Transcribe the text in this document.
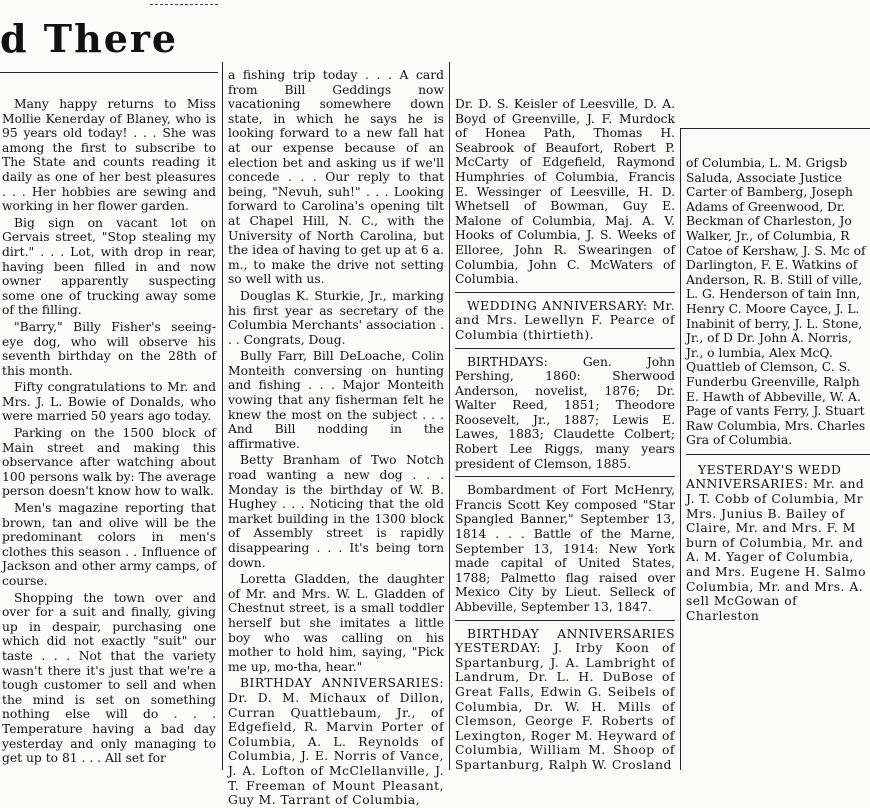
d There

Many happy returns to Miss Mollie Kenerday of Blaney, who is 95 years old today! . . . She was among the first to subscribe to The State and counts reading it daily as one of her best pleasures . . . Her hobbies are sewing and working in her flower garden.

Big sign on vacant lot on Gervais street, "Stop stealing my dirt." . . . Lot, with drop in rear, having been filled in and now owner apparently suspecting some one of trucking away some of the filling.

"Barry," Billy Fisher's seeing-eye dog, who will observe his seventh birthday on the 28th of this month.

Fifty congratulations to Mr. and Mrs. J. L. Bowie of Donalds, who were married 50 years ago today.

Parking on the 1500 block of Main street and making this observance after watching about 100 persons walk by: The average person doesn't know how to walk.

Men's magazine reporting that brown, tan and olive will be the predominant colors in men's clothes this season . . Influence of Jackson and other army camps, of course.

Shopping the town over and over for a suit and finally, giving up in despair, purchasing one which did not exactly "suit" our taste . . . Not that the variety wasn't there it's just that we're a tough customer to sell and when the mind is set on something nothing else will do . . . Temperature having a bad day yesterday and only managing to get up to 81 . . . All set for

a fishing trip today . . . A card from Bill Geddings now vacationing somewhere down state, in which he says he is looking forward to a new fall hat at our expense because of an election bet and asking us if we'll concede . . . Our reply to that being, "Nevuh, suh!" . . . Looking forward to Carolina's opening tilt at Chapel Hill, N. C., with the University of North Carolina, but the idea of having to get up at 6 a. m., to make the drive not setting so well with us.

Douglas K. Sturkie, Jr., marking his first year as secretary of the Columbia Merchants' association . . . Congrats, Doug.

Bully Farr, Bill DeLoache, Colin Monteith conversing on hunting and fishing . . . Major Monteith vowing that any fisherman felt he knew the most on the subject . . . And Bill nodding in the affirmative.

Betty Branham of Two Notch road wanting a new dog . . . Monday is the birthday of W. B. Hughey . . . Noticing that the old market building in the 1300 block of Assembly street is rapidly disappearing . . . It's being torn down.

Loretta Gladden, the daughter of Mr. and Mrs. W. L. Gladden of Chestnut street, is a small toddler herself but she imitates a little boy who was calling on his mother to hold him, saying, "Pick me up, mo-tha, hear."

BIRTHDAY ANNIVERSARIES: Dr. D. M. Michaux of Dillon, Curran Quattlebaum, Jr., of Edgefield, R. Marvin Porter of Columbia, A. L. Reynolds of Columbia, J. E. Norris of Vance, J. A. Lofton of McClellanville, J. T. Freeman of Mount Pleasant, Guy M. Tarrant of Columbia,

Dr. D. S. Keisler of Leesville, D. A. Boyd of Greenville, J. F. Murdock of Honea Path, Thomas H. Seabrook of Beaufort, Robert P. McCarty of Edgefield, Raymond Humphries of Columbia, Francis E. Wessinger of Leesville, H. D. Whetsell of Bowman, Guy E. Malone of Columbia, Maj. A. V. Hooks of Columbia, J. S. Weeks of Elloree, John R. Swearingen of Columbia, John C. McWaters of Columbia.

WEDDING ANNIVERSARY: Mr. and Mrs. Lewellyn F. Pearce of Columbia (thirtieth).

BIRTHDAYS: Gen. John Pershing, 1860: Sherwood Anderson, novelist, 1876; Dr. Walter Reed, 1851; Theodore Roosevelt, Jr., 1887; Lewis E. Lawes, 1883; Claudette Colbert; Robert Lee Riggs, many years president of Clemson, 1885.

Bombardment of Fort McHenry, Francis Scott Key composed "Star Spangled Banner," September 13, 1814 . . . Battle of the Marne, September 13, 1914: New York made capital of United States, 1788; Palmetto flag raised over Mexico City by Lieut. Selleck of Abbeville, September 13, 1847.

BIRTHDAY ANNIVERSARIES YESTERDAY: J. Irby Koon of Spartanburg, J. A. Lambright of Landrum, Dr. L. H. DuBose of Great Falls, Edwin G. Seibels of Columbia, Dr. W. H. Mills of Clemson, George F. Roberts of Lexington, Roger M. Heyward of Columbia, William M. Shoop of Spartanburg, Ralph W. Crosland

of Columbia, L. M. Grigsb Saluda, Associate Justice Carter of Bamberg, Joseph Adams of Greenwood, Dr. Beckman of Charleston, Jo Walker, Jr., of Columbia, R Catoe of Kershaw, J. S. Mc of Darlington, F. E. Watkins of Anderson, R. B. Still of ville, L. G. Henderson of tain Inn, Henry C. Moore Cayce, J. L. Inabinit of berry, J. L. Stone, Jr., of D Dr. John A. Norris, Jr., o lumbia, Alex McQ. Quattleb of Clemson, C. S. Funderbu Greenville, Ralph E. Hawth of Abbeville, W. A. Page of vants Ferry, J. Stuart Raw Columbia, Mrs. Charles Gra of Columbia.

YESTERDAY'S WEDD ANNIVERSARIES: Mr. and J. T. Cobb of Columbia, Mr Mrs. Junius B. Bailey of Claire, Mr. and Mrs. F. M burn of Columbia, Mr. and A. M. Yager of Columbia, and Mrs. Eugene H. Salmo Columbia, Mr. and Mrs. A. sell McGowan of Charleston
